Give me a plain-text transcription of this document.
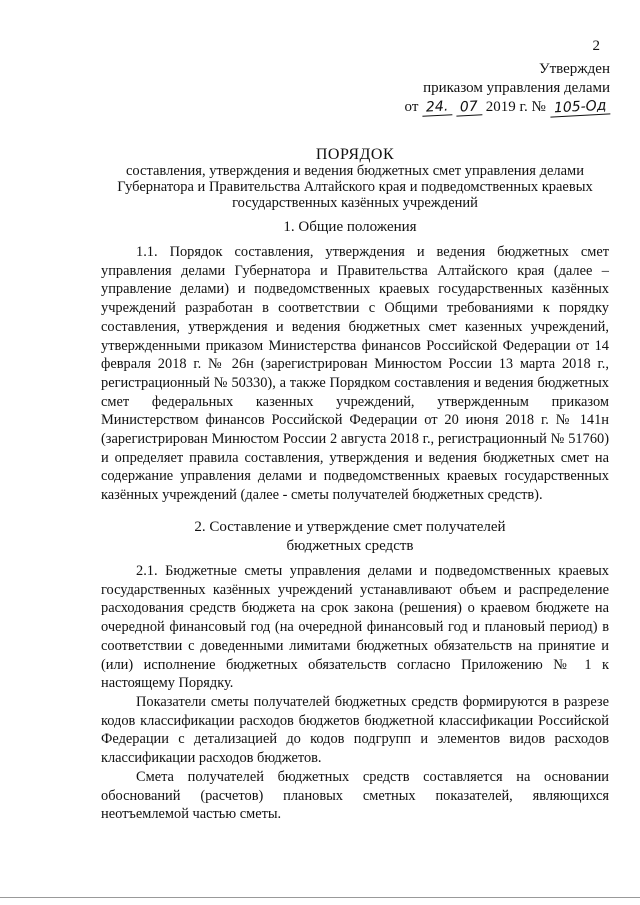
2
Утвержден
приказом управления делами
от 24. 07 2019 г. № 105-Од
ПОРЯДОК
составления, утверждения и ведения бюджетных смет управления делами Губернатора и Правительства Алтайского края и подведомственных краевых государственных казённых учреждений
1. Общие положения
1.1. Порядок составления, утверждения и ведения бюджетных смет управления делами Губернатора и Правительства Алтайского края (далее – управление делами) и подведомственных краевых государственных казённых учреждений разработан в соответствии с Общими требованиями к порядку составления, утверждения и ведения бюджетных смет казенных учреждений, утвержденными приказом Министерства финансов Российской Федерации от 14 февраля 2018 г. № 26н (зарегистрирован Минюстом России 13 марта 2018 г., регистрационный № 50330), а также Порядком составления и ведения бюджетных смет федеральных казенных учреждений, утвержденным приказом Министерством финансов Российской Федерации от 20 июня 2018 г. № 141н (зарегистрирован Минюстом России 2 августа 2018 г., регистрационный № 51760) и определяет правила составления, утверждения и ведения бюджетных смет на содержание управления делами и подведомственных краевых государственных казённых учреждений (далее - сметы получателей бюджетных средств).
2. Составление и утверждение смет получателей
бюджетных средств
2.1. Бюджетные сметы управления делами и подведомственных краевых государственных казённых учреждений устанавливают объем и распределение расходования средств бюджета на срок закона (решения) о краевом бюджете на очередной финансовый год (на очередной финансовый год и плановый период) в соответствии с доведенными лимитами бюджетных обязательств на принятие и (или) исполнение бюджетных обязательств согласно Приложению № 1 к настоящему Порядку.
Показатели сметы получателей бюджетных средств формируются в разрезе кодов классификации расходов бюджетов бюджетной классификации Российской Федерации с детализацией до кодов подгрупп и элементов видов расходов классификации расходов бюджетов.
Смета получателей бюджетных средств составляется на основании обоснований (расчетов) плановых сметных показателей, являющихся неотъемлемой частью сметы.
